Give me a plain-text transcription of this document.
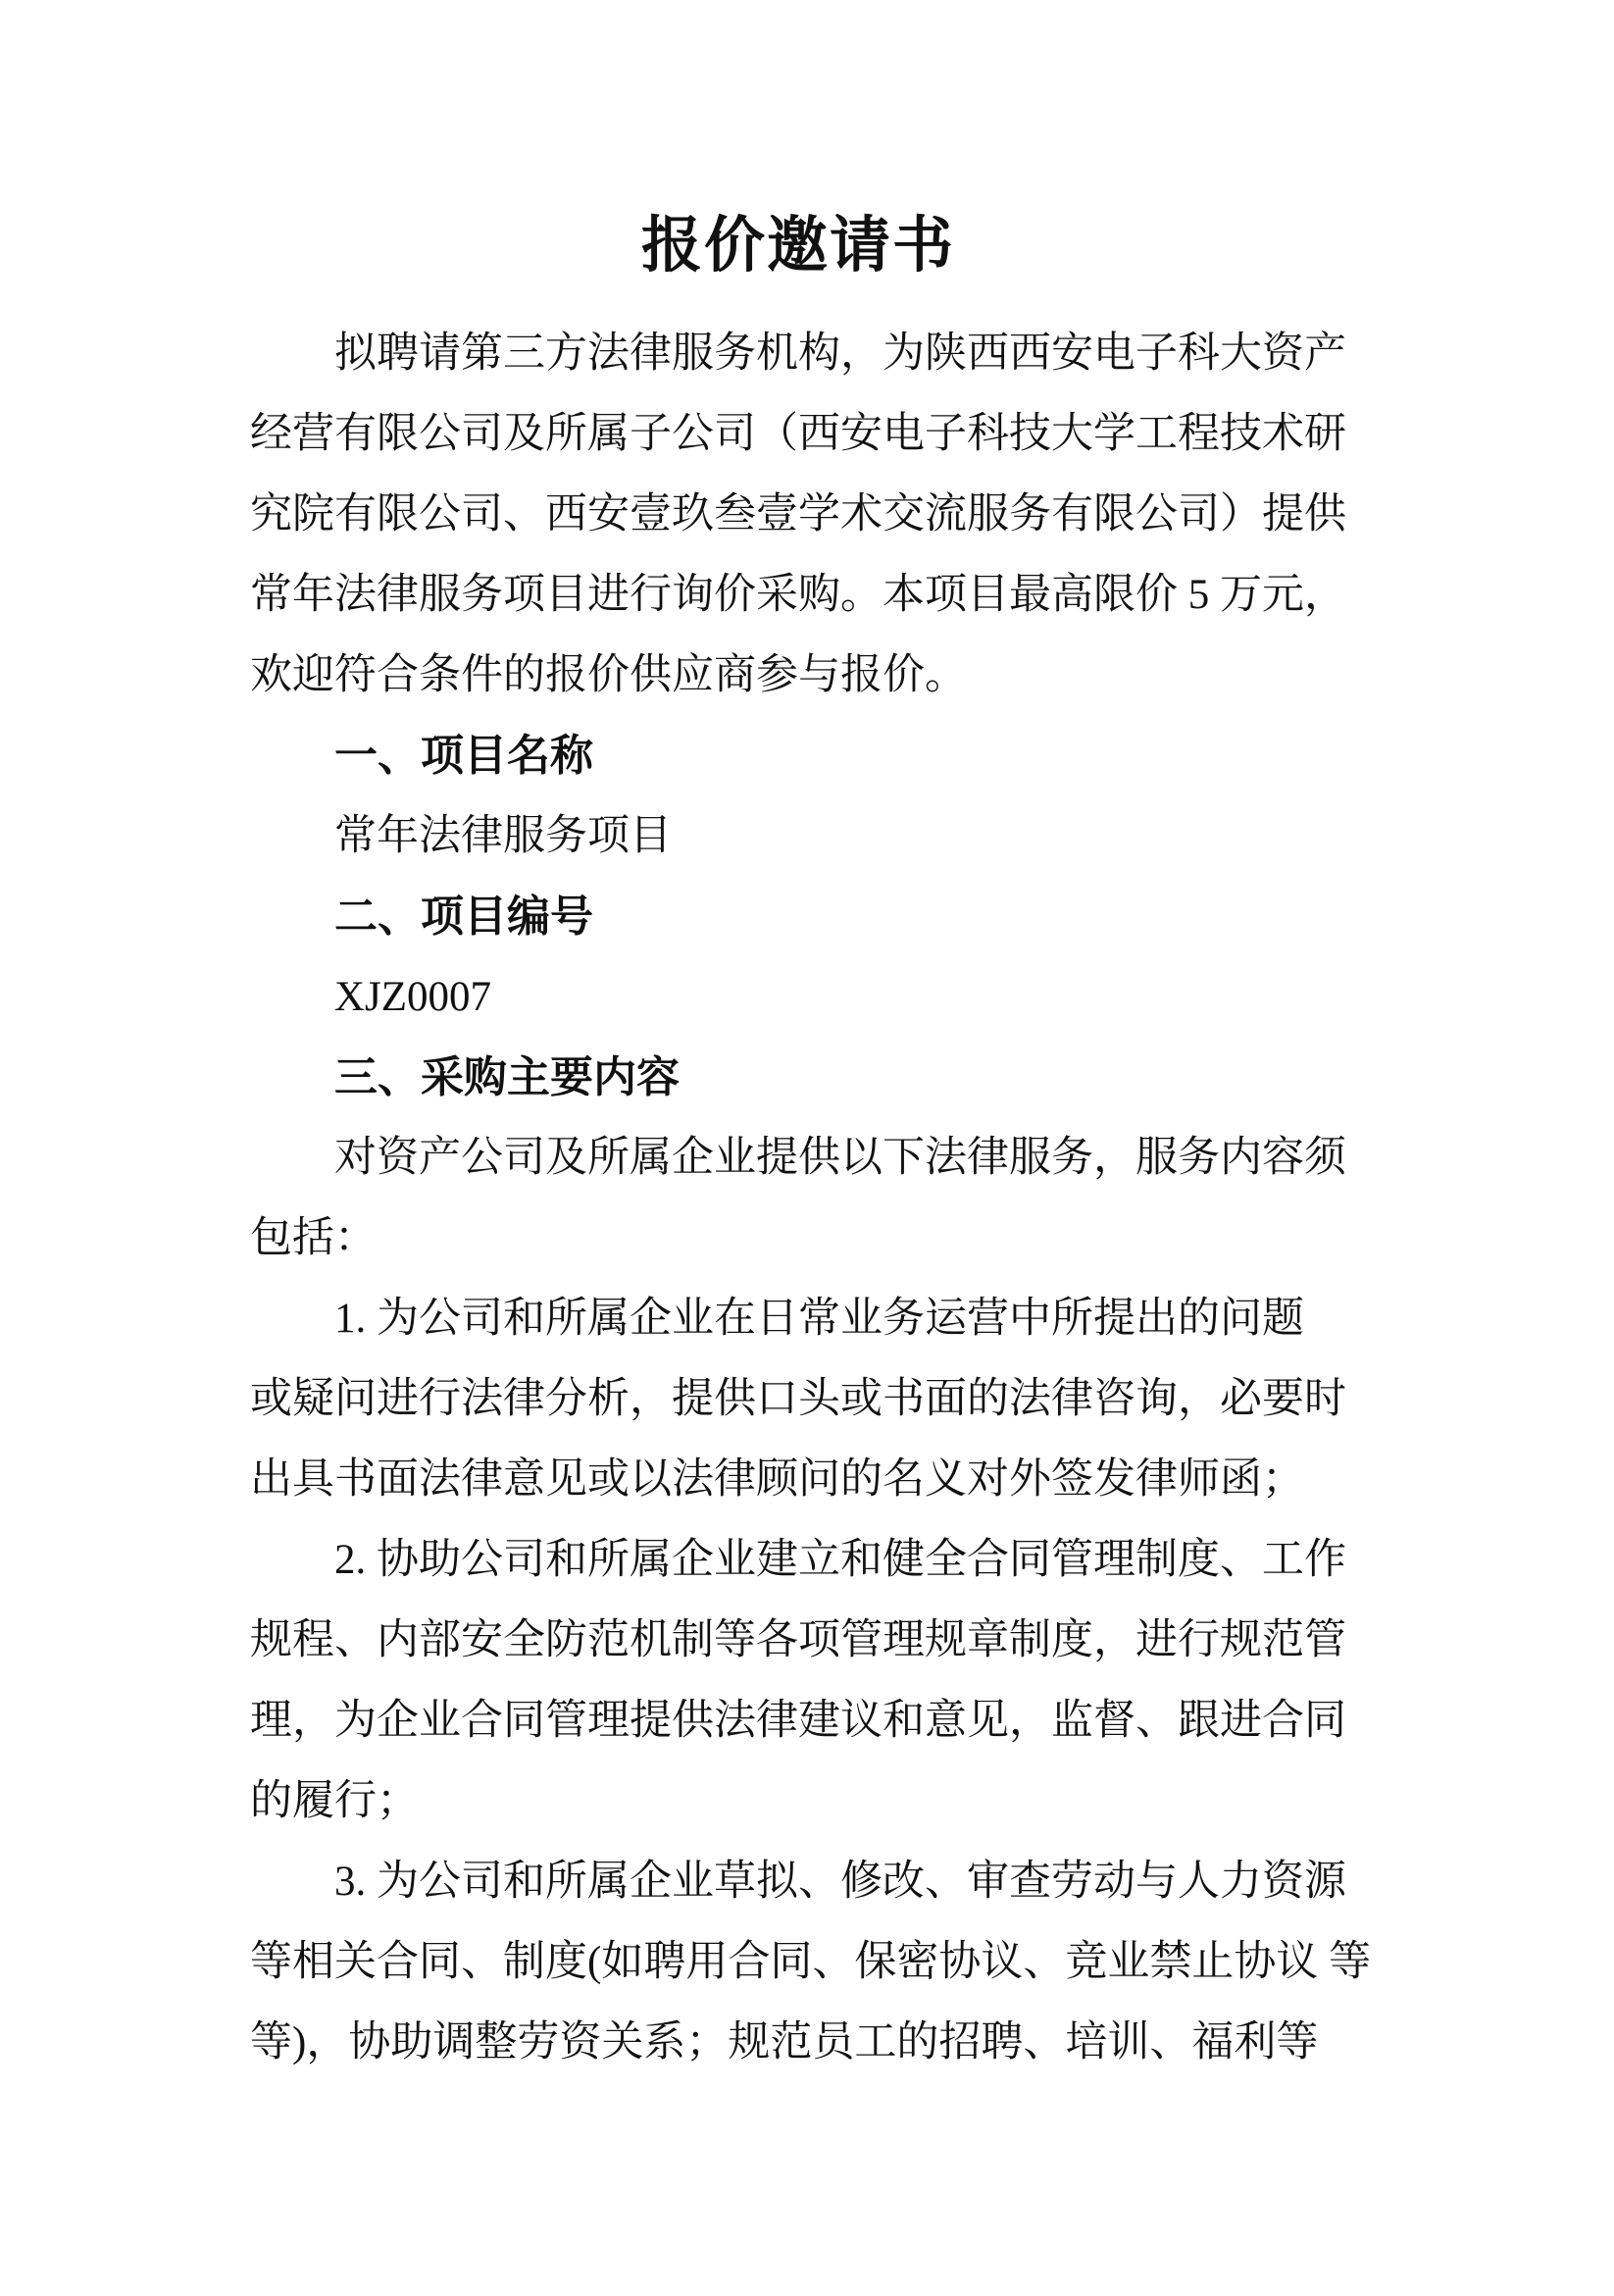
报价邀请书
拟聘请第三方法律服务机构，为陕西西安电子科大资产
经营有限公司及所属子公司（西安电子科技大学工程技术研
究院有限公司、西安壹玖叁壹学术交流服务有限公司）提供
常年法律服务项目进行询价采购。本项目最高限价 5 万元，
欢迎符合条件的报价供应商参与报价。
一、项目名称
常年法律服务项目
二、项目编号
XJZ0007
三、采购主要内容
对资产公司及所属企业提供以下法律服务，服务内容须
包括：
1. 为公司和所属企业在日常业务运营中所提出的问题
或疑问进行法律分析，提供口头或书面的法律咨询，必要时
出具书面法律意见或以法律顾问的名义对外签发律师函；
2. 协助公司和所属企业建立和健全合同管理制度、工作
规程、内部安全防范机制等各项管理规章制度，进行规范管
理，为企业合同管理提供法律建议和意见，监督、跟进合同
的履行；
3. 为公司和所属企业草拟、修改、审查劳动与人力资源
等相关合同、制度(如聘用合同、保密协议、竞业禁止协议 等
等)，协助调整劳资关系；规范员工的招聘、培训、福利等
